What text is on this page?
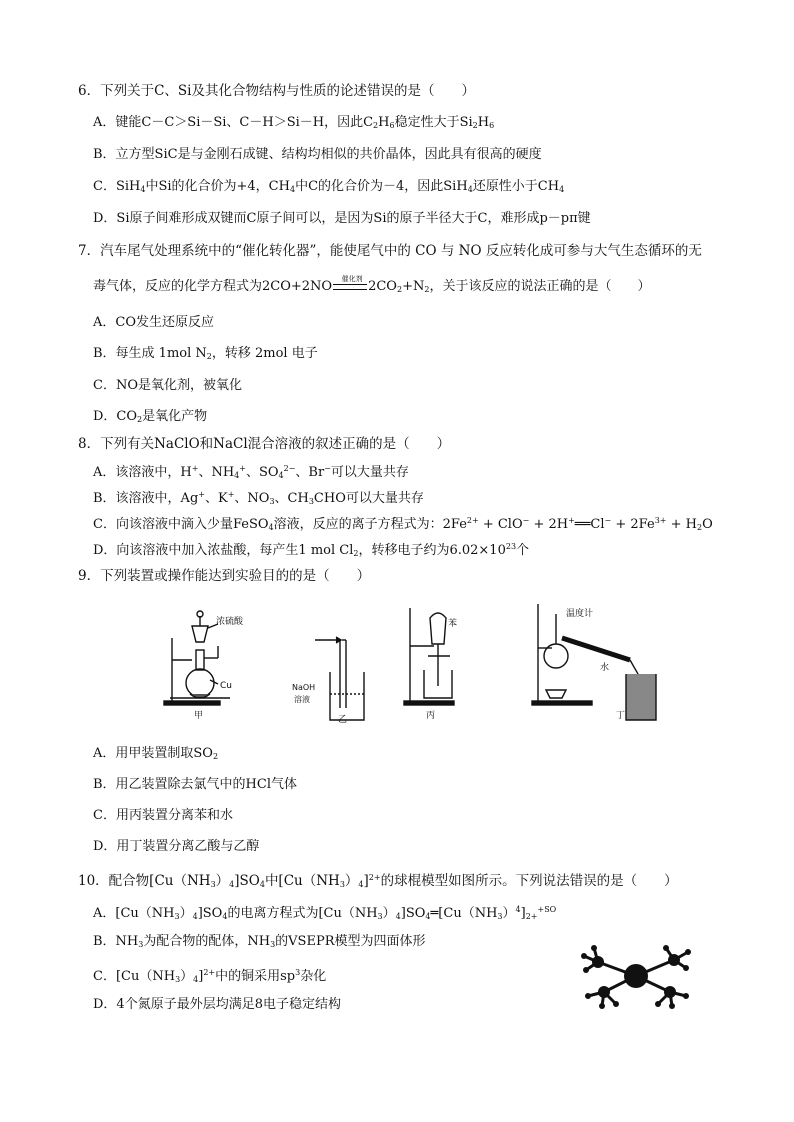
6．下列关于C、Si及其化合物结构与性质的论述错误的是（　　）
A．键能C－C＞Si－Si、C－H＞Si－H，因此$C_2H_6$稳定性大于$Si_2H_6$
B．立方型SiC是与金刚石成键、结构均相似的共价晶体，因此具有很高的硬度
C．SiH$_4$中Si的化合价为+4，$CH_4$中C的化合价为－4，因此SiH$_4$还原性小于$CH_4$
D．Si原子间难形成双键而C原子间可以，是因为Si的原子半径大于C，难形成p－pπ键
7．汽车尾气处理系统中的“催化转化器”，能使尾气中的 CO 与 NO 反应转化成可参与大气生态循环的无
毒气体，反应的化学方程式为2CO+2NO	催化剂 $2CO_2+N_2$，关于该反应的说法正确的是（　　）
A．CO发生还原反应
B．每生成 1mol $N_2$，转移 2mol 电子
C．NO是氧化剂，被氧化
D．$CO_2$是氧化产物
8．下列有关NaClO和NaCl混合溶液的叙述正确的是（　　）
A．该溶液中，H+、$NH_4^+$、$SO_4^{2-}$、Br−可以大量共存
B．该溶液中，Ag+、K+、$NO_3$、$CH_3CHO$可以大量共存
C．向该溶液中滴入少量FeSO$_4$溶液，反应的离子方程式为：$2Fe^{2+} + ClO^-$ + 2H+══Cl− + $2Fe^{3+} + H_2O$
D．向该溶液中加入浓盐酸，每产生1 mol $Cl_2$，转移电子约为$6.02\times 10^{23}$个
9．下列装置或操作能达到实验目的的是（　　）
浓硫酸
Cu
甲
NaOH
溶液
乙
苯
丙
温度计
水
丁
A．用甲装置制取$SO_2$
B．用乙装置除去氯气中的HCl气体
C．用丙装置分离苯和水
D．用丁装置分离乙酸与乙醇
10．配合物$[Cu(NH_3)_4]SO_4$中$[Cu(NH_3)_4]^{2+}$的球棍模型如图所示。下列说法错误的是（　　）
A．$[Cu(NH_3)_4]SO_4$的电离方程式为$[Cu(NH_3)_4]SO_4═[Cu(NH_3)^4]_{2+}^{+SO}$
B．$NH_3$为配合物的配体，$NH_3$的VSEPR模型为四面体形
C．$[Cu(NH_3)_4]^{2+}$中的铜采用$sp^3$杂化
D．4个氮原子最外层均满足8电子稳定结构
